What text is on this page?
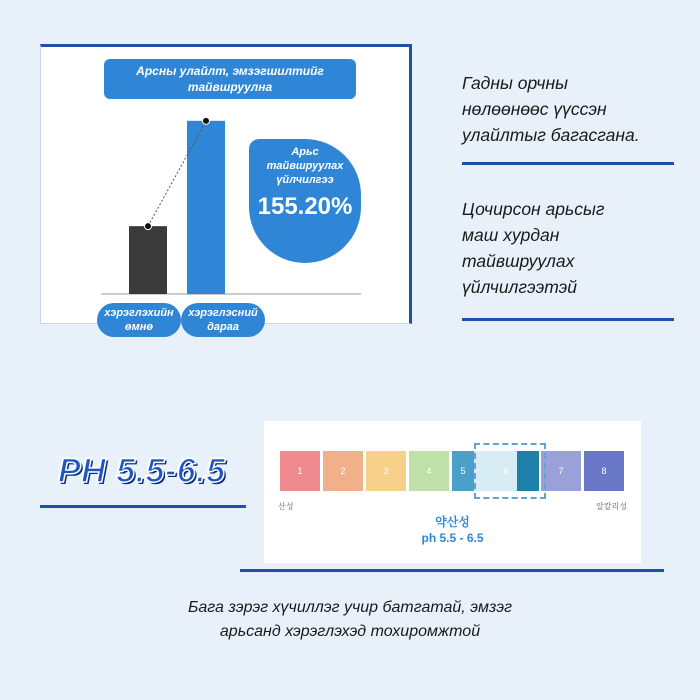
Арсны улайлт, эмзэгшилтийг
тайвшруулна
Арьс
тайвшруулах
үйлчилгээ
155.20%
хэрэглэхийн
өмнө
хэрэглэсний
дараа
Гадны орчны
нөлөөнөөс үүссэн
улайлтыг багасгана.
Цочирсон арьсыг
маш хурдан
тайвшруулах
үйлчилгээтэй
PH 5.5-6.5	1	2	3	4	5	6	7	8
산성	알칼리성
약산성
ph 5.5 - 6.5
Бага зэрэг хүчиллэг учир батгатай, эмзэг
арьсанд хэрэглэхэд тохиромжтой
